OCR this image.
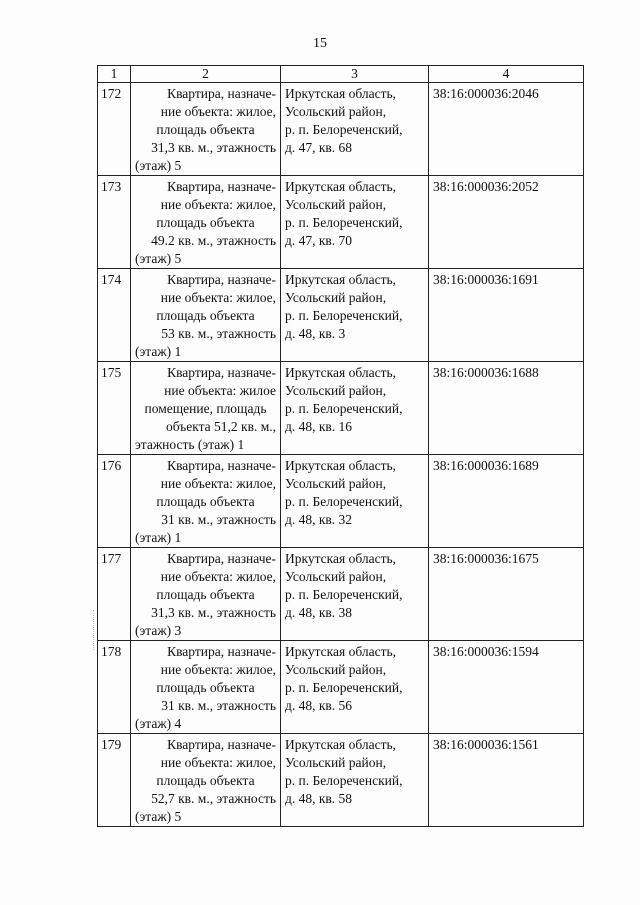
15
1	2	3	4
172	Квартира, назначе-
ние объекта: жилое,
площадь объекта
31,3 кв. м., этажность
(этаж) 5	Иркутская область,
Усольский район,
р. п. Белореченский,
д. 47, кв. 68	38:16:000036:2046
173	Квартира, назначе-
ние объекта: жилое,
площадь объекта
49.2 кв. м., этажность
(этаж) 5	Иркутская область,
Усольский район,
р. п. Белореченский,
д. 47, кв. 70	38:16:000036:2052
174	Квартира, назначе-
ние объекта: жилое,
площадь объекта
53 кв. м., этажность
(этаж) 1	Иркутская область,
Усольский район,
р. п. Белореченский,
д. 48, кв. 3	38:16:000036:1691
175	Квартира, назначе-
ние объекта: жилое
помещение, площадь
объекта 51,2 кв. м.,
этажность (этаж) 1	Иркутская область,
Усольский район,
р. п. Белореченский,
д. 48, кв. 16	38:16:000036:1688
176	Квартира, назначе-
ние объекта: жилое,
площадь объекта
31 кв. м., этажность
(этаж) 1	Иркутская область,
Усольский район,
р. п. Белореченский,
д. 48, кв. 32	38:16:000036:1689
177	Квартира, назначе-
ние объекта: жилое,
площадь объекта
31,3 кв. м., этажность
(этаж) 3	Иркутская область,
Усольский район,
р. п. Белореченский,
д. 48, кв. 38	38:16:000036:1675
178	Квартира, назначе-
ние объекта: жилое,
площадь объекта
31 кв. м., этажность
(этаж) 4	Иркутская область,
Усольский район,
р. п. Белореченский,
д. 48, кв. 56	38:16:000036:1594
179	Квартира, назначе-
ние объекта: жилое,
площадь объекта
52,7 кв. м., этажность
(этаж) 5	Иркутская область,
Усольский район,
р. п. Белореченский,
д. 48, кв. 58	38:16:000036:1561
